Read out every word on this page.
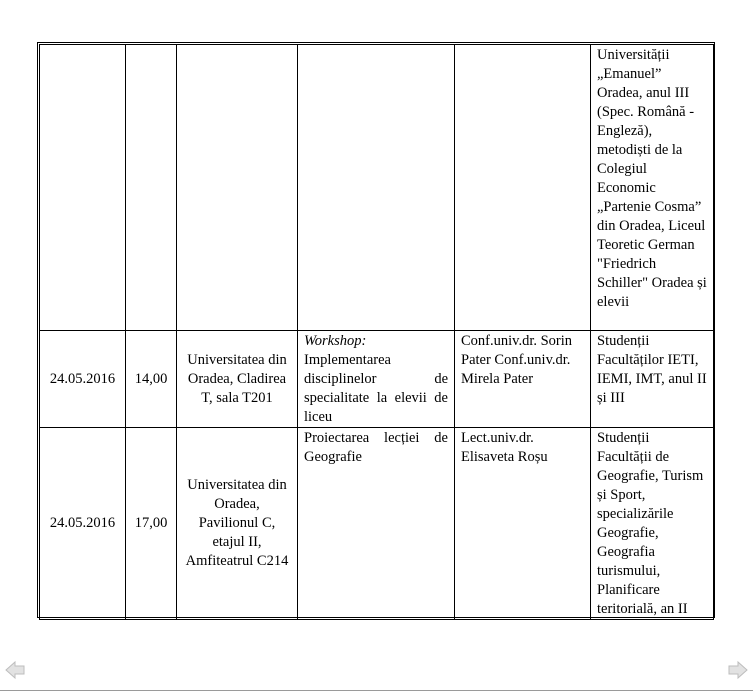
					Universității „Emanuel” Oradea, anul III (Spec. Română - Engleză), metodiști de la Colegiul Economic „Partenie Cosma” din Oradea, Liceul Teoretic German "Friedrich Schiller" Oradea și elevii
24.05.2016	14,00	Universitatea din Oradea, Cladirea T, sala T201	Workshop:
Implementarea disciplinelor de specialitate la elevii de liceu	Conf.univ.dr. Sorin Pater Conf.univ.dr. Mirela Pater	Studenții Facultăților IETI, IEMI, IMT, anul II și III
24.05.2016	17,00	Universitatea din Oradea, Pavilionul C, etajul II, Amfiteatrul C214	Proiectarea lecției de Geografie	Lect.univ.dr. Elisaveta Roșu	Studenții Facultății de Geografie, Turism și Sport, specializările Geografie, Geografia turismului, Planificare teritorială, an II
